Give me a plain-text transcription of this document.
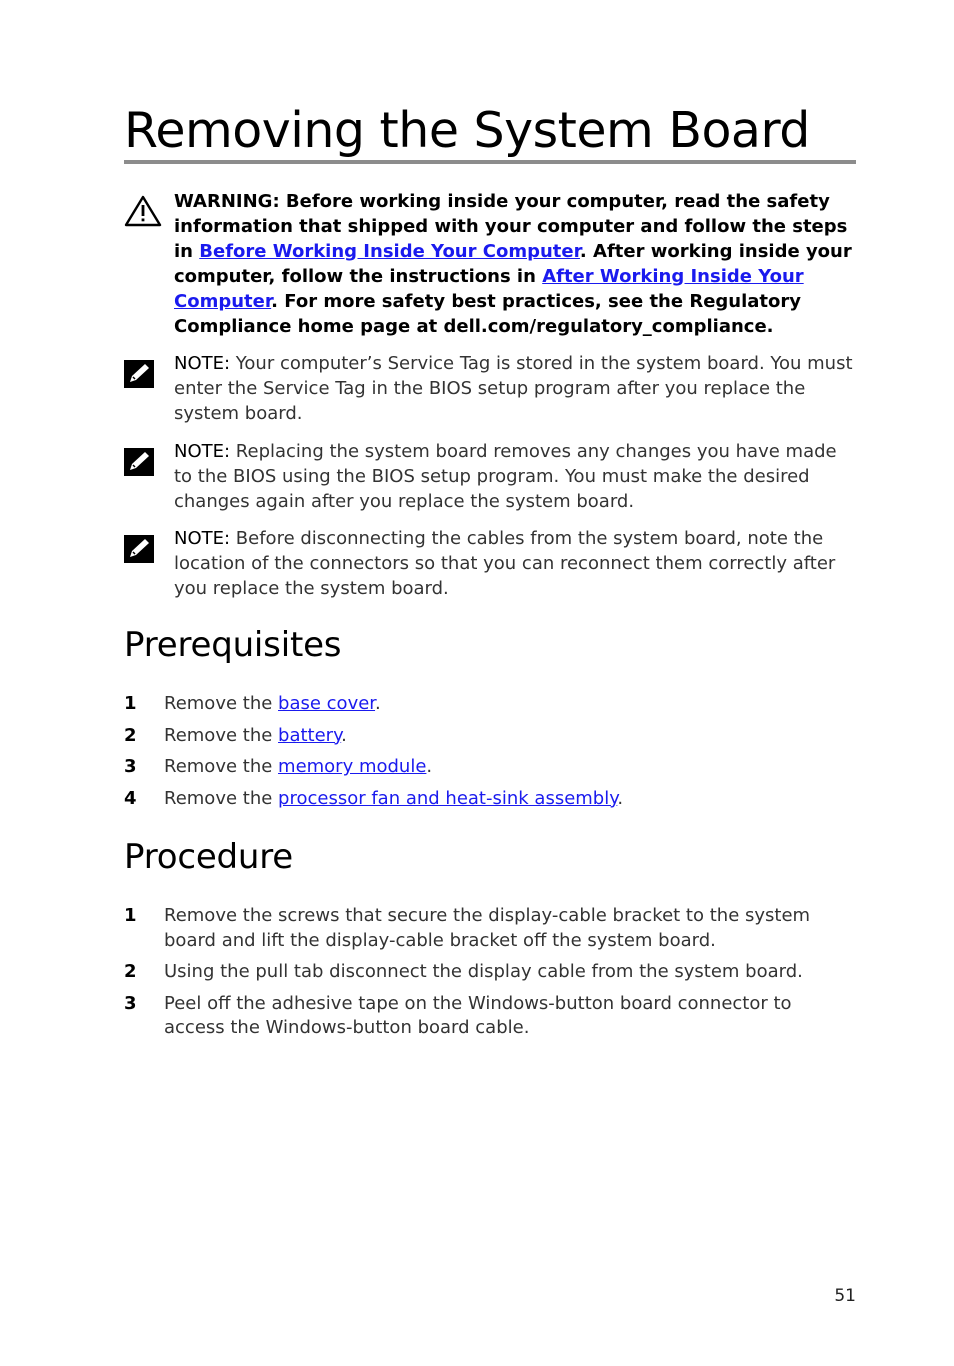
Removing the System Board
WARNING: Before working inside your computer, read the safety information that shipped with your computer and follow the steps in Before Working Inside Your Computer. After working inside your computer, follow the instructions in After Working Inside Your Computer. For more safety best practices, see the Regulatory Compliance home page at dell.com/regulatory_compliance.
NOTE: Your computer’s Service Tag is stored in the system board. You must enter the Service Tag in the BIOS setup program after you replace the system board.
NOTE: Replacing the system board removes any changes you have made to the BIOS using the BIOS setup program. You must make the desired changes again after you replace the system board.
NOTE: Before disconnecting the cables from the system board, note the location of the connectors so that you can reconnect them correctly after you replace the system board.
Prerequisites
1 Remove the base cover.
2 Remove the battery.
3 Remove the memory module.
4 Remove the processor fan and heat-sink assembly.
Procedure
1 Remove the screws that secure the display-cable bracket to the system board and lift the display-cable bracket off the system board.
2 Using the pull tab disconnect the display cable from the system board.
3 Peel off the adhesive tape on the Windows-button board connector to access the Windows-button board cable.
51
